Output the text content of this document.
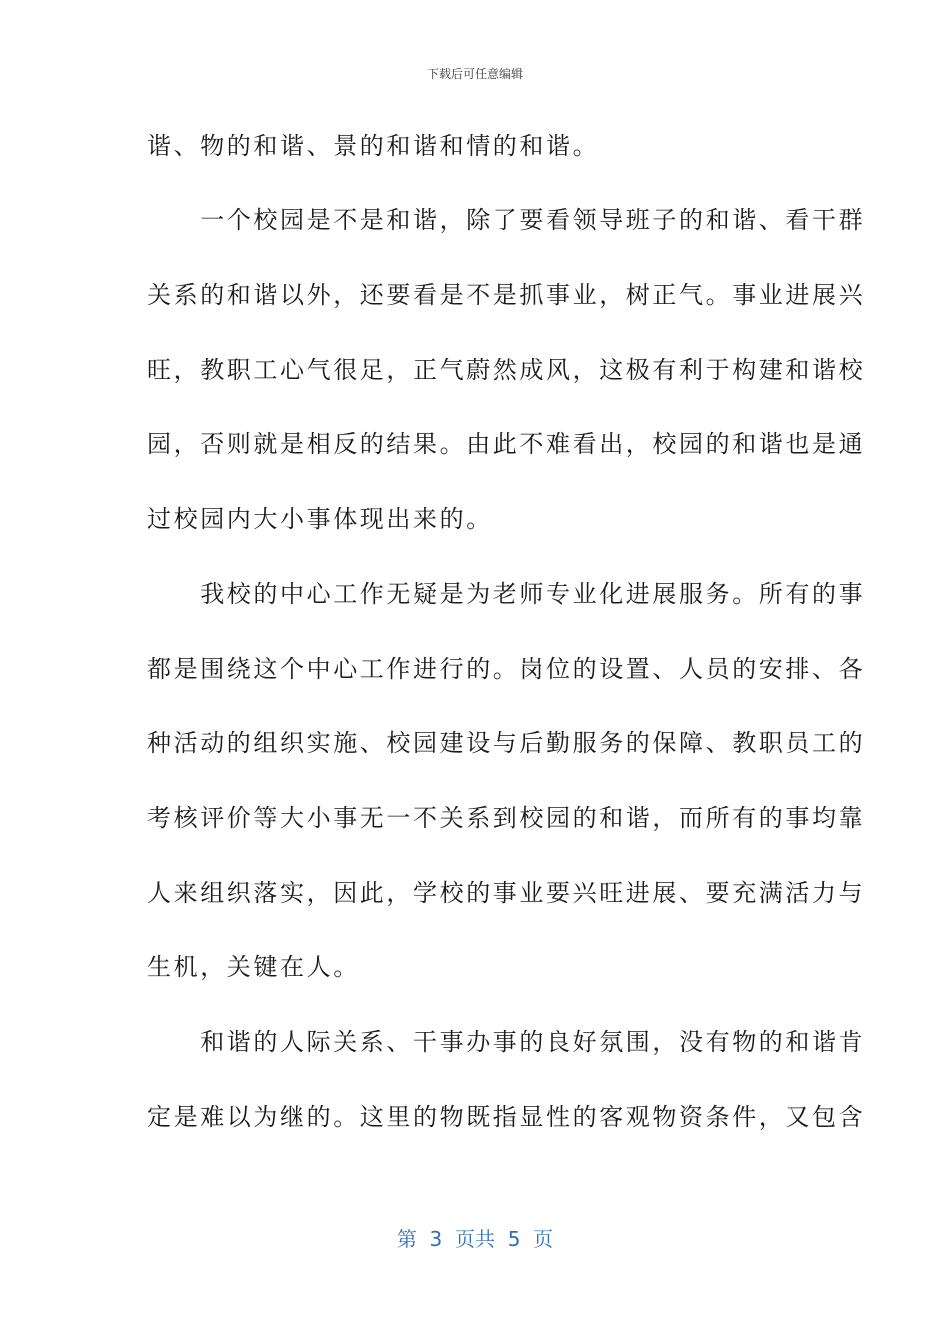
下载后可任意编辑
谐、物的和谐、景的和谐和情的和谐。
　　一个校园是不是和谐，除了要看领导班子的和谐、看干群
关系的和谐以外，还要看是不是抓事业，树正气。事业进展兴
旺，教职工心气很足，正气蔚然成风，这极有利于构建和谐校
园，否则就是相反的结果。由此不难看出，校园的和谐也是通
过校园内大小事体现出来的。
　　我校的中心工作无疑是为老师专业化进展服务。所有的事
都是围绕这个中心工作进行的。岗位的设置、人员的安排、各
种活动的组织实施、校园建设与后勤服务的保障、教职员工的
考核评价等大小事无一不关系到校园的和谐，而所有的事均靠
人来组织落实，因此，学校的事业要兴旺进展、要充满活力与
生机，关键在人。
　　和谐的人际关系、干事办事的良好氛围，没有物的和谐肯
定是难以为继的。这里的物既指显性的客观物资条件，又包含
第  3  页共  5  页
